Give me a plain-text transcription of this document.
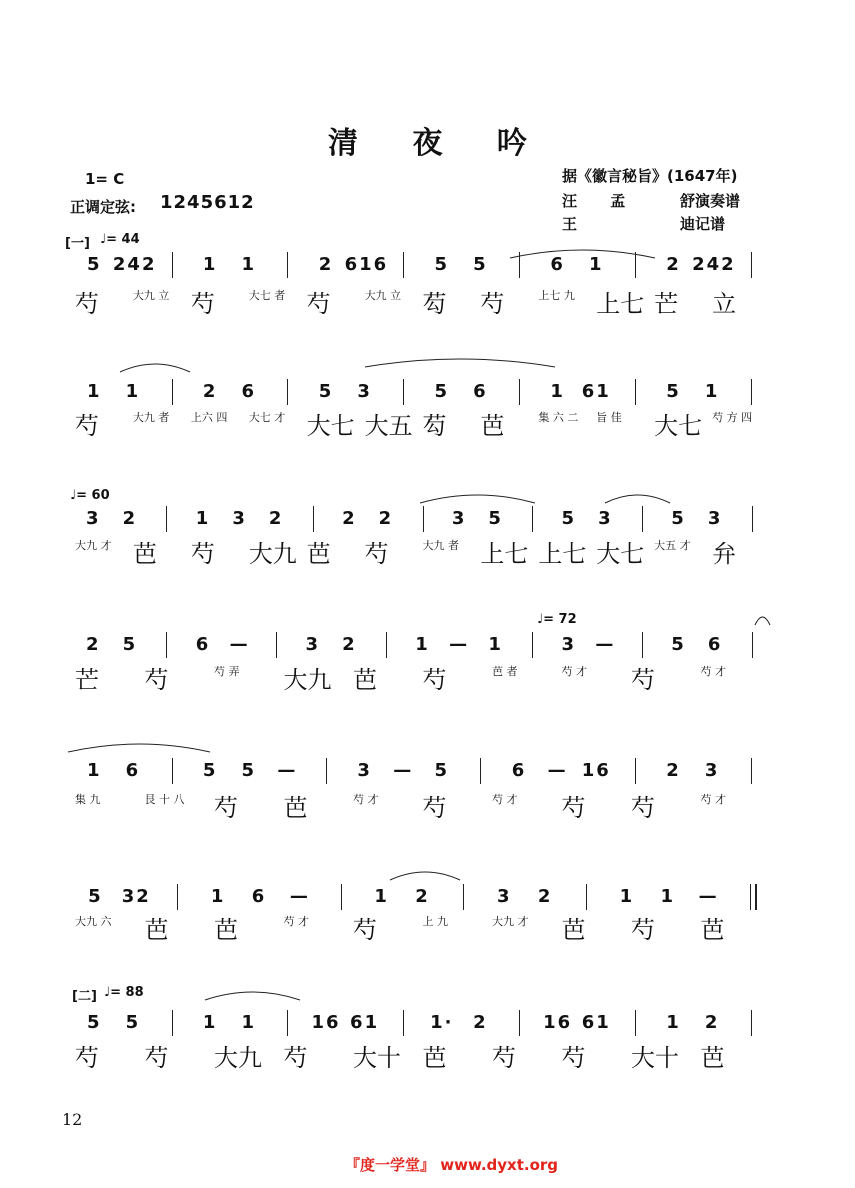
清 夜 吟
1= C
正调定弦: 1245612
据《徽言秘旨》(1647年)
汪 孟	舒演奏谱
王	迪记谱
[一] ♩= 44
♩= 60
♩= 72
[二] ♩= 88
5 242	1	1	2 616	5	5	6	1	2 242
芍	大九 立 芍	大七 者 芍	大九 立 芶	芍	上七 九 上七 芒	立
1	1	2	6	5	3	5	6	1 61	5	1
芍	大九 者	上六 四	大七 才 大七 大五 芶	芭	集 六 二	旨 佳	大七 芍 方 四
3	2	1	3	2	2	2	3	5	5	3	5	3
大九 才 芭	芍	大九 芭	芍	大九 者 上七 上七 大七 大五 才 弁
2	5	6	—	3	2	1	—	1	3	—	5	6
芒	芍	芍 弄	大九 芭	芍	芭 者	芍 才	芍	芍 才
1	6	5	5	—	3	—	5	6	— 16	2	3
集 九	艮 十 八	芍	芭	芍 才	芍	芍 才	芍	芍	芍 才
5	32	1	6	—	1	2	3	2	1	1	—
大九 六	芭	芭	芍 才	芍	上 九	大九 才	芭	芍	芭
5	5	1	1	16 61	1·	2	16 61	1	2
芍	芍	大九 芍	大十 芭	芍	芍	大十 芭
12
『度一学堂』 www.dyxt.org
